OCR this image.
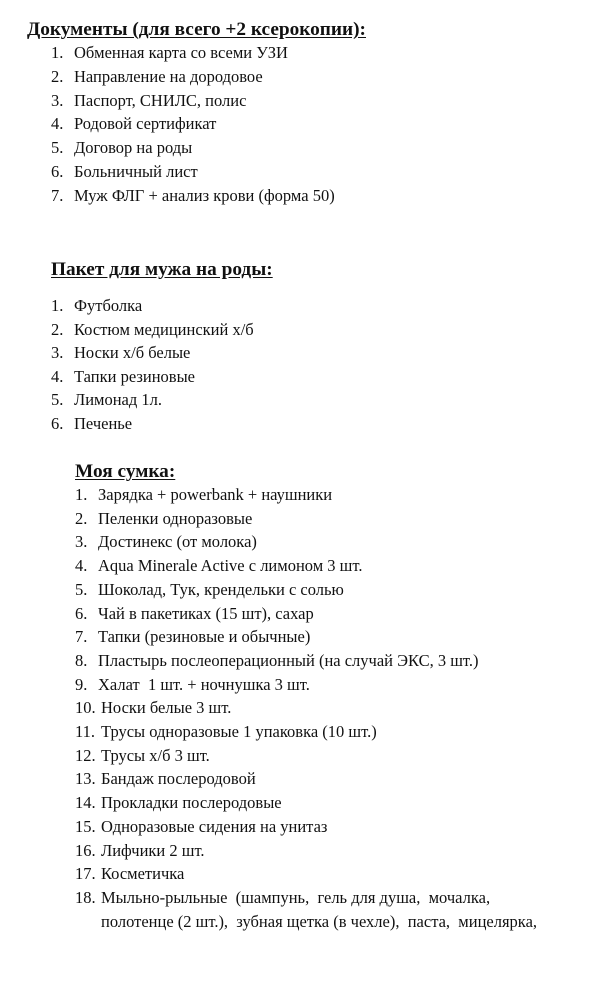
Документы (для всего +2 ксерокопии):
1. Обменная карта со всеми УЗИ
2. Направление на дородовое
3. Паспорт, СНИЛС, полис
4. Родовой сертификат
5. Договор на роды
6. Больничный лист
7. Муж ФЛГ + анализ крови (форма 50)
Пакет для мужа на роды:
1. Футболка
2. Костюм медицинский х/б
3. Носки х/б белые
4. Тапки резиновые
5. Лимонад 1л.
6. Печенье
Моя сумка:
1. Зарядка + powerbank + наушники
2. Пеленки одноразовые
3. Достинекс (от молока)
4. Aqua Minerale Active с лимоном 3 шт.
5. Шоколад, Тук, крендельки с солью
6. Чай в пакетиках (15 шт), сахар
7. Тапки (резиновые и обычные)
8. Пластырь послеоперационный (на случай ЭКС, 3 шт.)
9. Халат  1 шт. + ночнушка 3 шт.
10. Носки белые 3 шт.
11. Трусы одноразовые 1 упаковка (10 шт.)
12. Трусы х/б 3 шт.
13. Бандаж послеродовой
14. Прокладки послеродовые
15. Одноразовые сидения на унитаз
16. Лифчики 2 шт.
17. Косметичка
18. Мыльно-рыльные  (шампунь,  гель для душа,  мочалка,
полотенце (2 шт.),  зубная щетка (в чехле),  паста,  мицелярка,
